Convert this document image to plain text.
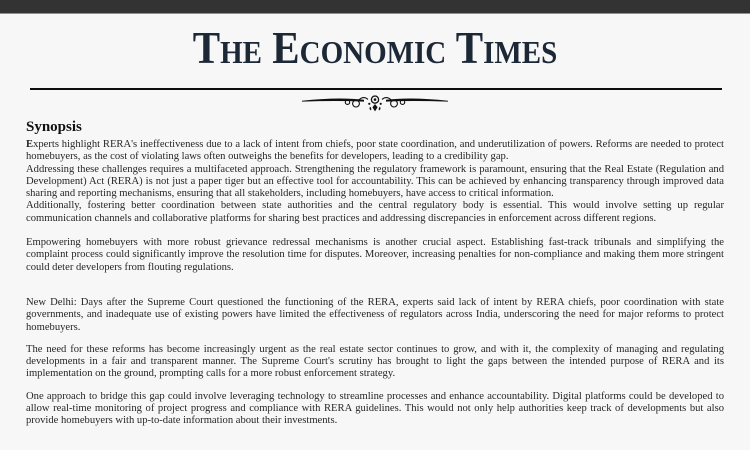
The Economic Times
Synopsis

Experts highlight RERA's ineffectiveness due to a lack of intent from chiefs, poor state coordination, and underutilization of powers. Reforms are needed to protect homebuyers, as the cost of violating laws often outweighs the benefits for developers, leading to a credibility gap.

Addressing these challenges requires a multifaceted approach. Strengthening the regulatory framework is paramount, ensuring that the Real Estate (Regulation and Development) Act (RERA) is not just a paper tiger but an effective tool for accountability. This can be achieved by enhancing transparency through improved data sharing and reporting mechanisms, ensuring that all stakeholders, including homebuyers, have access to critical information.

Additionally, fostering better coordination between state authorities and the central regulatory body is essential. This would involve setting up regular communication channels and collaborative platforms for sharing best practices and addressing discrepancies in enforcement across different regions.

Empowering homebuyers with more robust grievance redressal mechanisms is another crucial aspect. Establishing fast-track tribunals and simplifying the complaint process could significantly improve the resolution time for disputes. Moreover, increasing penalties for non-compliance and making them more stringent could deter developers from flouting regulations.

New Delhi: Days after the Supreme Court questioned the functioning of the RERA, experts said lack of intent by RERA chiefs, poor coordination with state governments, and inadequate use of existing powers have limited the effectiveness of regulators across India, underscoring the need for major reforms to protect homebuyers.

The need for these reforms has become increasingly urgent as the real estate sector continues to grow, and with it, the complexity of managing and regulating developments in a fair and transparent manner. The Supreme Court's scrutiny has brought to light the gaps between the intended purpose of RERA and its implementation on the ground, prompting calls for a more robust enforcement strategy.

One approach to bridge this gap could involve leveraging technology to streamline processes and enhance accountability. Digital platforms could be developed to allow real-time monitoring of project progress and compliance with RERA guidelines. This would not only help authorities keep track of developments but also provide homebuyers with up-to-date information about their investments.
